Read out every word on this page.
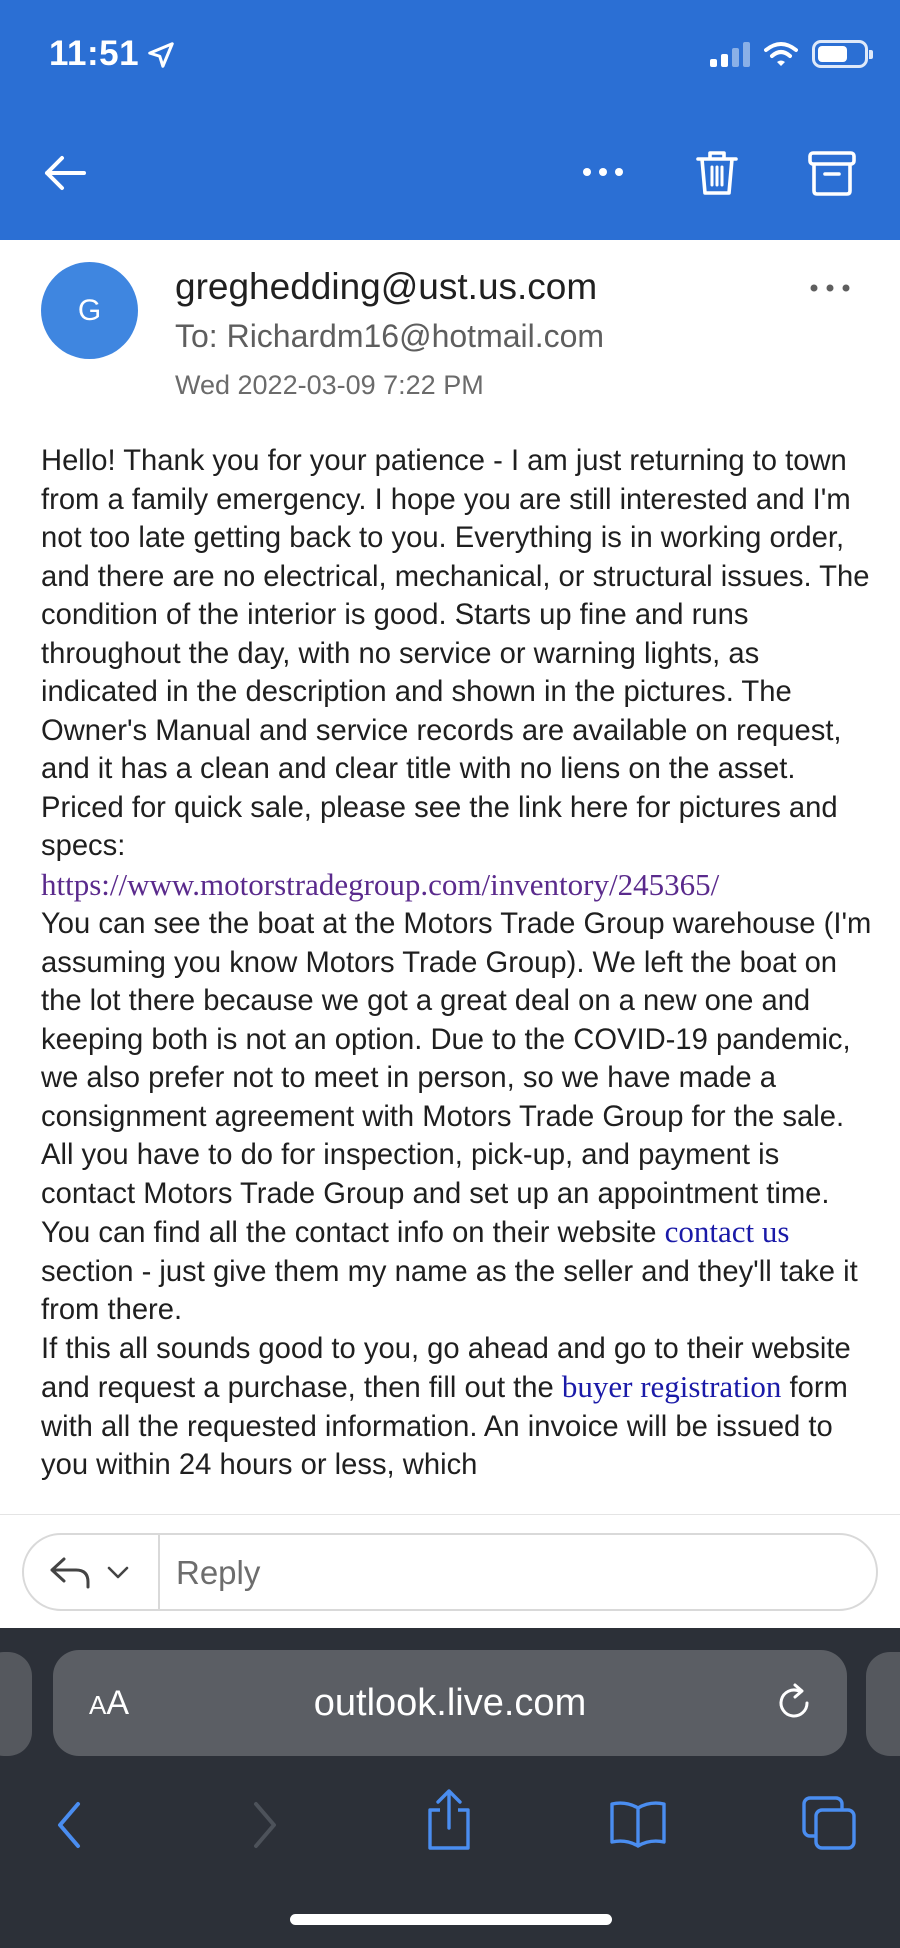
11:51
G
greghedding@ust.us.com
To: Richardm16@hotmail.com
Wed 2022-03-09 7:22 PM
Hello! Thank you for your patience - I am just returning to town from a family emergency. I hope you are still interested and I'm not too late getting back to you. Everything is in working order, and there are no electrical, mechanical, or structural issues. The condition of the interior is good. Starts up fine and runs throughout the day, with no service or warning lights, as indicated in the description and shown in the pictures. The Owner's Manual and service records are available on request, and it has a clean and clear title with no liens on the asset. Priced for quick sale, please see the link here for pictures and specs:
https://www.motorstradegroup.com/inventory/245365/
You can see the boat at the Motors Trade Group warehouse (I'm assuming you know Motors Trade Group). We left the boat on the lot there because we got a great deal on a new one and keeping both is not an option. Due to the COVID-19 pandemic, we also prefer not to meet in person, so we have made a consignment agreement with Motors Trade Group for the sale.
All you have to do for inspection, pick-up, and payment is contact Motors Trade Group and set up an appointment time. You can find all the contact info on their website contact us section - just give them my name as the seller and they'll take it from there.
If this all sounds good to you, go ahead and go to their website and request a purchase, then fill out the buyer registration form with all the requested information. An invoice will be issued to you within 24 hours or less, which
Reply
AA	outlook.live.com
